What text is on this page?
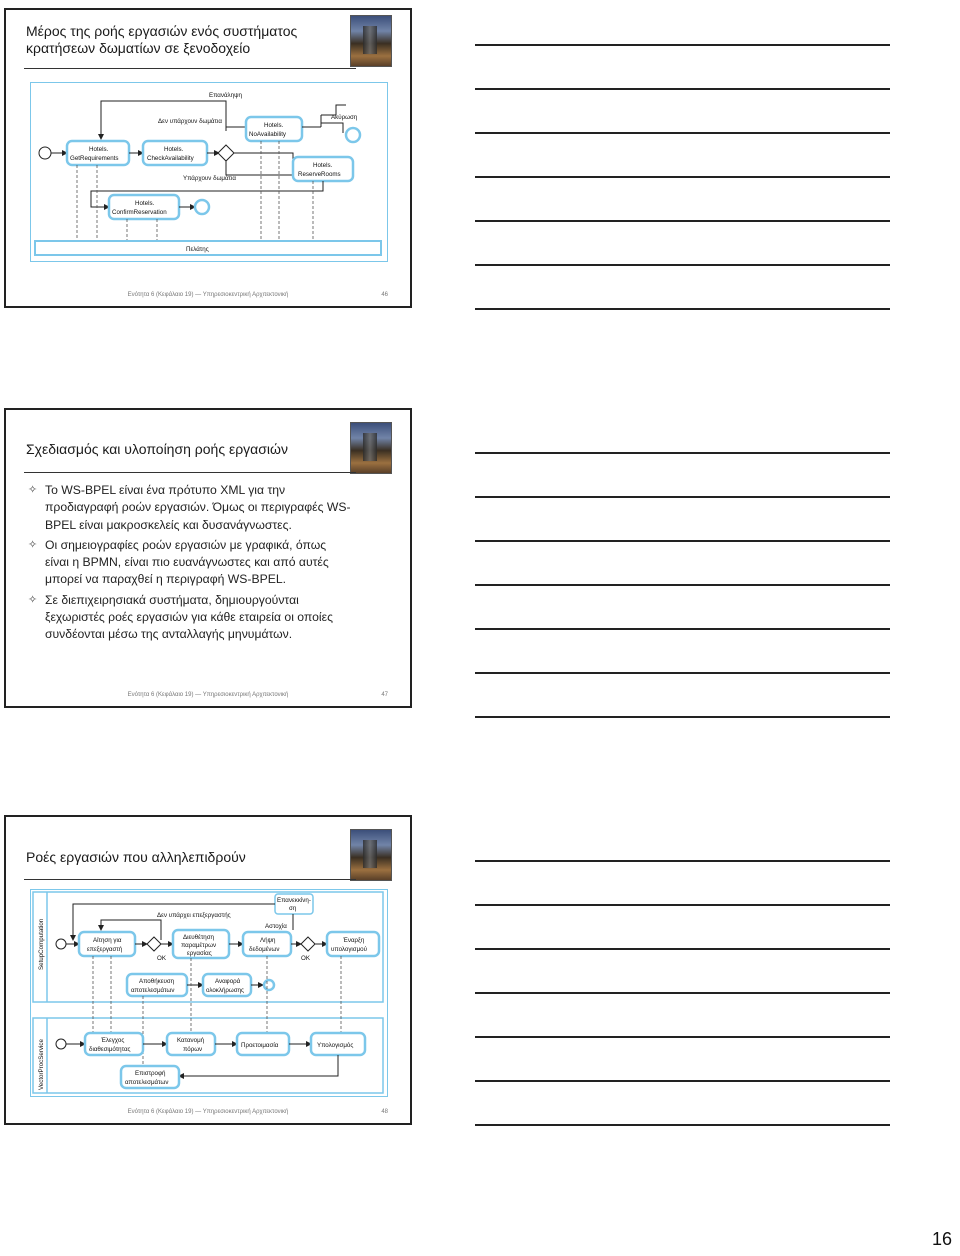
Μέρος της ροής εργασιών ενός συστήματος
κρατήσεων δωματίων σε ξενοδοχείο
Επανάληψη
Δεν υπάρχουν δωμάτια
Hotels.
GetRequirements
Hotels.
CheckAvailability
Hotels.
NoAvailability
Ακύρωση
Hotels.
ReserveRooms
Υπάρχουν δωμάτια
Hotels.
ConfirmReservation
Πελάτης
Ενότητα 6 (Κεφάλαιο 19) — Υπηρεσιοκεντρική Αρχιτεκτονική	46
Σχεδιασμός και υλοποίηση ροής εργασιών
✧ Το WS-BPEL είναι ένα πρότυπο XML για την
προδιαγραφή ροών εργασιών. Όμως οι περιγραφές WS-
BPEL είναι μακροσκελείς και δυσανάγνωστες.
✧ Οι σημειογραφίες ροών εργασιών με γραφικά, όπως
είναι η BPMN, είναι πιο ευανάγνωστες και από αυτές
μπορεί να παραχθεί η περιγραφή WS-BPEL.
✧ Σε διεπιχειρησιακά συστήματα, δημιουργούνται
ξεχωριστές ροές εργασιών για κάθε εταιρεία οι οποίες
συνδέονται μέσω της ανταλλαγής μηνυμάτων.
Ενότητα 6 (Κεφάλαιο 19) — Υπηρεσιοκεντρική Αρχιτεκτονική	47
Ροές εργασιών που αλληλεπιδρούν
SetupComputation
VectorProcService
Δεν υπάρχει επεξεργαστής
Επανεκκίνη-
ση
Αστοχία
Αίτηση για
επεξεργαστή
ΟΚ
Διευθέτηση
παραμέτρων
εργασίας
Λήψη
δεδομένων
ΟΚ
Έναρξη
υπολογισμού
Αποθήκευση
αποτελεσμάτων
Αναφορά
ολοκλήρωσης
Έλεγχος
διαθεσιμότητας
Κατανομή
πόρων
Προετοιμασία	Υπολογισμός
Επιστροφή
αποτελεσμάτων
Ενότητα 6 (Κεφάλαιο 19) — Υπηρεσιοκεντρική Αρχιτεκτονική	48
16
